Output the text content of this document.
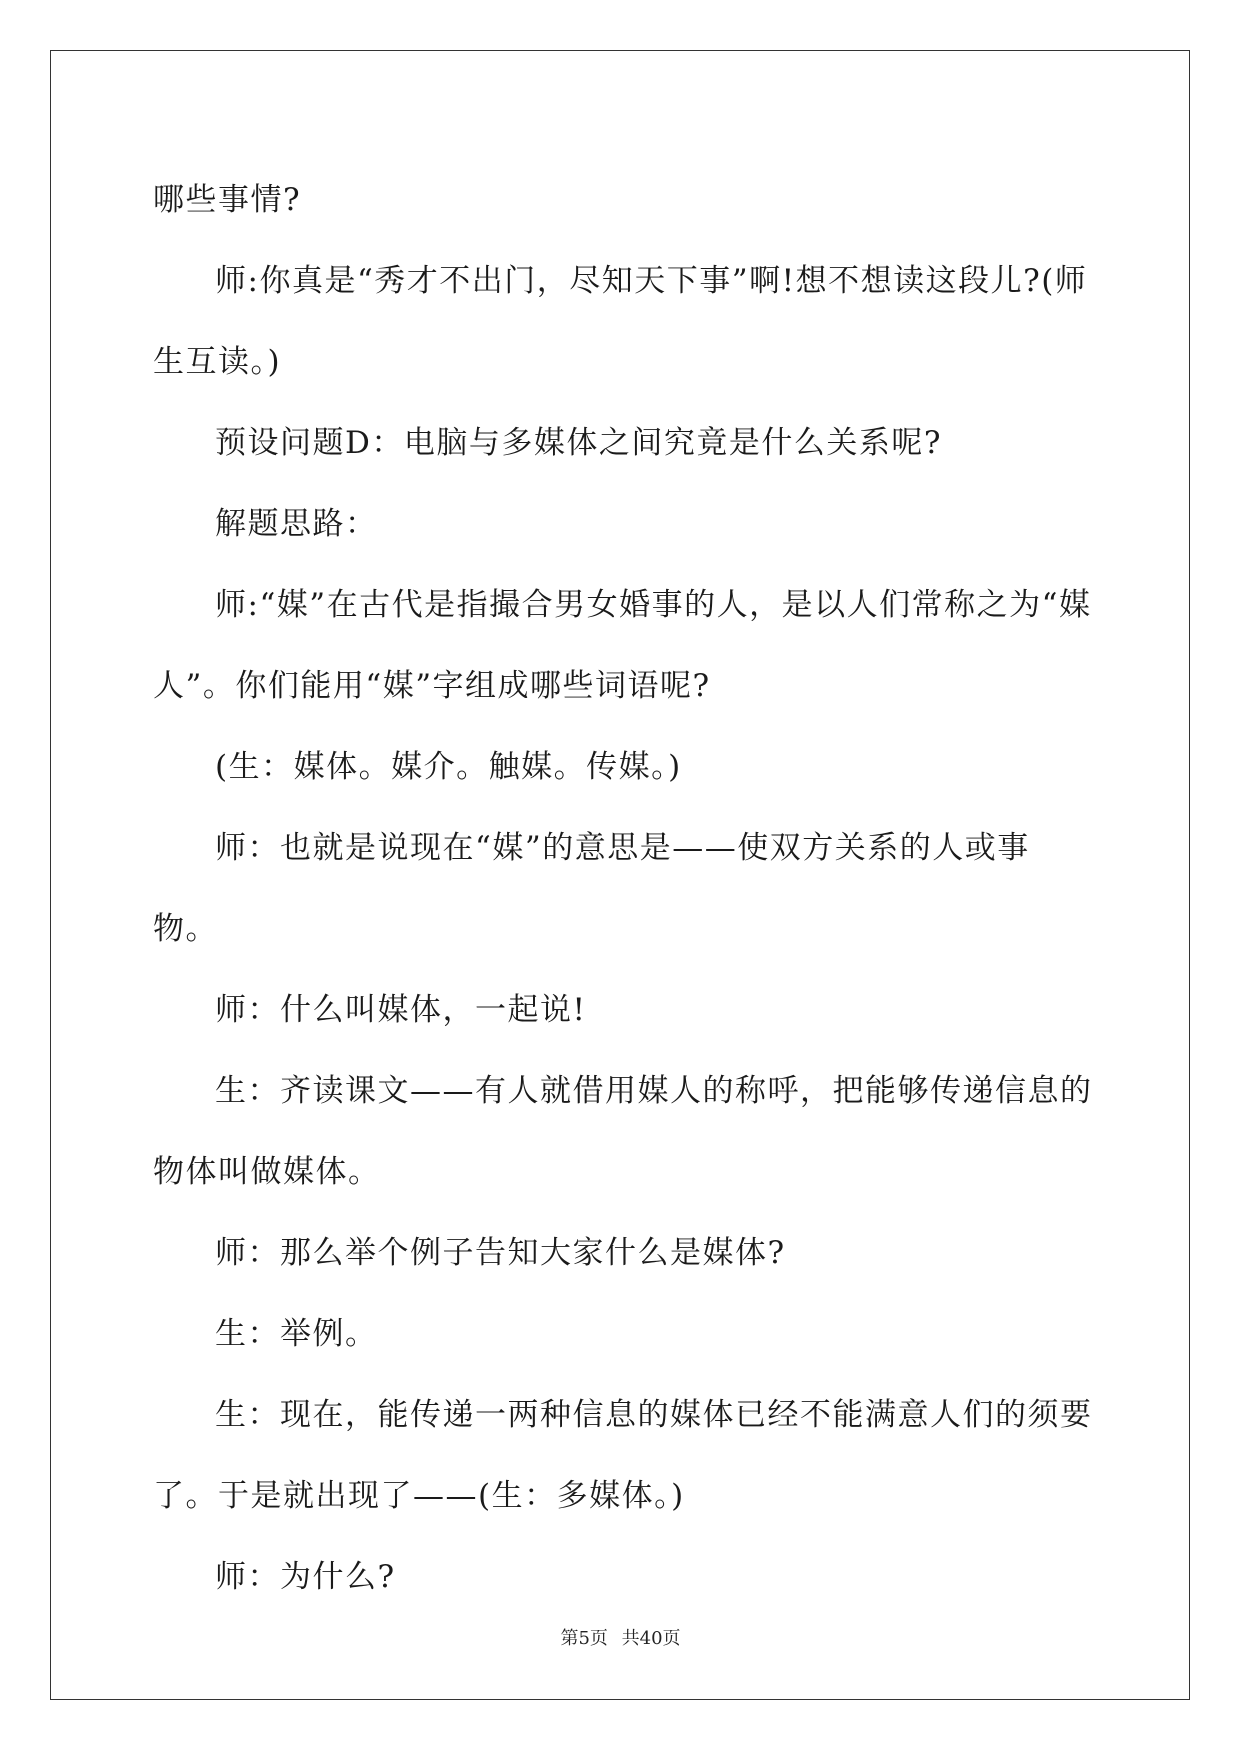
哪些事情?

师:你真是“秀才不出门，尽知天下事”啊!想不想读这段儿?(师生互读。)

预设问题D：电脑与多媒体之间究竟是什么关系呢?

解题思路：

师:“媒”在古代是指撮合男女婚事的人，是以人们常称之为“媒人”。你们能用“媒”字组成哪些词语呢?

(生：媒体。媒介。触媒。传媒。)

师：也就是说现在“媒”的意思是——使双方关系的人或事物。

师：什么叫媒体，一起说!

生：齐读课文——有人就借用媒人的称呼，把能够传递信息的物体叫做媒体。

师：那么举个例子告知大家什么是媒体?

生：举例。

生：现在，能传递一两种信息的媒体已经不能满意人们的须要了。于是就出现了——(生：多媒体。)

师：为什么?

第5页 共40页
